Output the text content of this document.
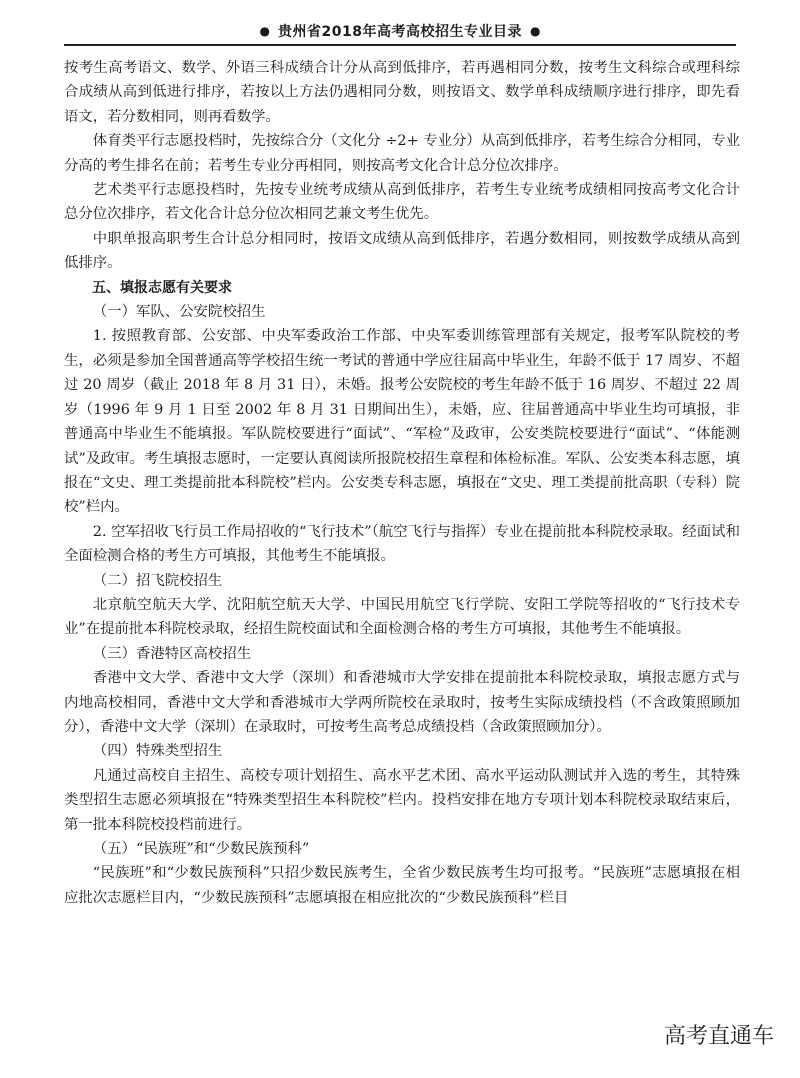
● 贵州省2018年高考高校招生专业目录 ●

按考生高考语文、数学、外语三科成绩合计分从高到低排序，若再遇相同分数，按考生文科综合或理科综合成绩从高到低进行排序，若按以上方法仍遇相同分数，则按语文、数学单科成绩顺序进行排序，即先看语文，若分数相同，则再看数学。

体育类平行志愿投档时，先按综合分（文化分 ÷2+ 专业分）从高到低排序，若考生综合分相同，专业分高的考生排名在前；若考生专业分再相同，则按高考文化合计总分位次排序。

艺术类平行志愿投档时，先按专业统考成绩从高到低排序，若考生专业统考成绩相同按高考文化合计总分位次排序，若文化合计总分位次相同艺兼文考生优先。

中职单报高职考生合计总分相同时，按语文成绩从高到低排序，若遇分数相同，则按数学成绩从高到低排序。

五、填报志愿有关要求

（一）军队、公安院校招生

1. 按照教育部、公安部、中央军委政治工作部、中央军委训练管理部有关规定，报考军队院校的考生，必须是参加全国普通高等学校招生统一考试的普通中学应往届高中毕业生，年龄不低于 17 周岁、不超过 20 周岁（截止 2018 年 8 月 31 日），未婚。报考公安院校的考生年龄不低于 16 周岁、不超过 22 周岁（1996 年 9 月 1 日至 2002 年 8 月 31 日期间出生），未婚，应、往届普通高中毕业生均可填报，非普通高中毕业生不能填报。军队院校要进行“面试”、“军检”及政审，公安类院校要进行“面试”、“体能测试”及政审。考生填报志愿时，一定要认真阅读所报院校招生章程和体检标准。军队、公安类本科志愿，填报在“文史、理工类提前批本科院校”栏内。公安类专科志愿，填报在“文史、理工类提前批高职（专科）院校”栏内。

2. 空军招收飞行员工作局招收的“飞行技术”（航空飞行与指挥）专业在提前批本科院校录取。经面试和全面检测合格的考生方可填报，其他考生不能填报。

（二）招飞院校招生

北京航空航天大学、沈阳航空航天大学、中国民用航空飞行学院、安阳工学院等招收的“飞行技术专业”在提前批本科院校录取，经招生院校面试和全面检测合格的考生方可填报，其他考生不能填报。

（三）香港特区高校招生

香港中文大学、香港中文大学（深圳）和香港城市大学安排在提前批本科院校录取，填报志愿方式与内地高校相同，香港中文大学和香港城市大学两所院校在录取时，按考生实际成绩投档（不含政策照顾加分），香港中文大学（深圳）在录取时，可按考生高考总成绩投档（含政策照顾加分）。

（四）特殊类型招生

凡通过高校自主招生、高校专项计划招生、高水平艺术团、高水平运动队测试并入选的考生，其特殊类型招生志愿必须填报在“特殊类型招生本科院校”栏内。投档安排在地方专项计划本科院校录取结束后，第一批本科院校投档前进行。

（五）“民族班”和“少数民族预科”

“民族班”和“少数民族预科”只招少数民族考生，全省少数民族考生均可报考。“民族班”志愿填报在相应批次志愿栏目内，“少数民族预科”志愿填报在相应批次的“少数民族预科”栏目

高考直通车
